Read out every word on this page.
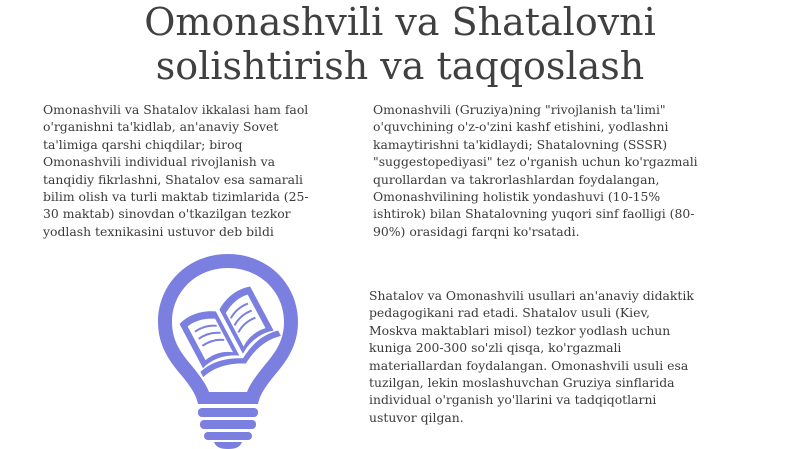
Omonashvili va Shatalovni
solishtirish va taqqoslash

Omonashvili va Shatalov ikkalasi ham faol
o'rganishni ta'kidlab, an'anaviy Sovet
ta'limiga qarshi chiqdilar; biroq
Omonashvili individual rivojlanish va
tanqidiy fikrlashni, Shatalov esa samarali
bilim olish va turli maktab tizimlarida (25-
30 maktab) sinovdan o'tkazilgan tezkor
yodlash texnikasini ustuvor deb bildi

Omonashvili (Gruziya)ning "rivojlanish ta'limi"
o'quvchining o'z-o'zini kashf etishini, yodlashni
kamaytirishni ta'kidlaydi; Shatalovning (SSSR)
"suggestopediyasi" tez o'rganish uchun ko'rgazmali
qurollardan va takrorlashlardan foydalangan,
Omonashvilining holistik yondashuvi (10-15%
ishtirok) bilan Shatalovning yuqori sinf faolligi (80-
90%) orasidagi farqni ko'rsatadi.

Shatalov va Omonashvili usullari an'anaviy didaktik
pedagogikani rad etadi. Shatalov usuli (Kiev,
Moskva maktablari misol) tezkor yodlash uchun
kuniga 200-300 so'zli qisqa, ko'rgazmali
materiallardan foydalangan. Omonashvili usuli esa
tuzilgan, lekin moslashuvchan Gruziya sinflarida
individual o'rganish yo'llarini va tadqiqotlarni
ustuvor qilgan.
